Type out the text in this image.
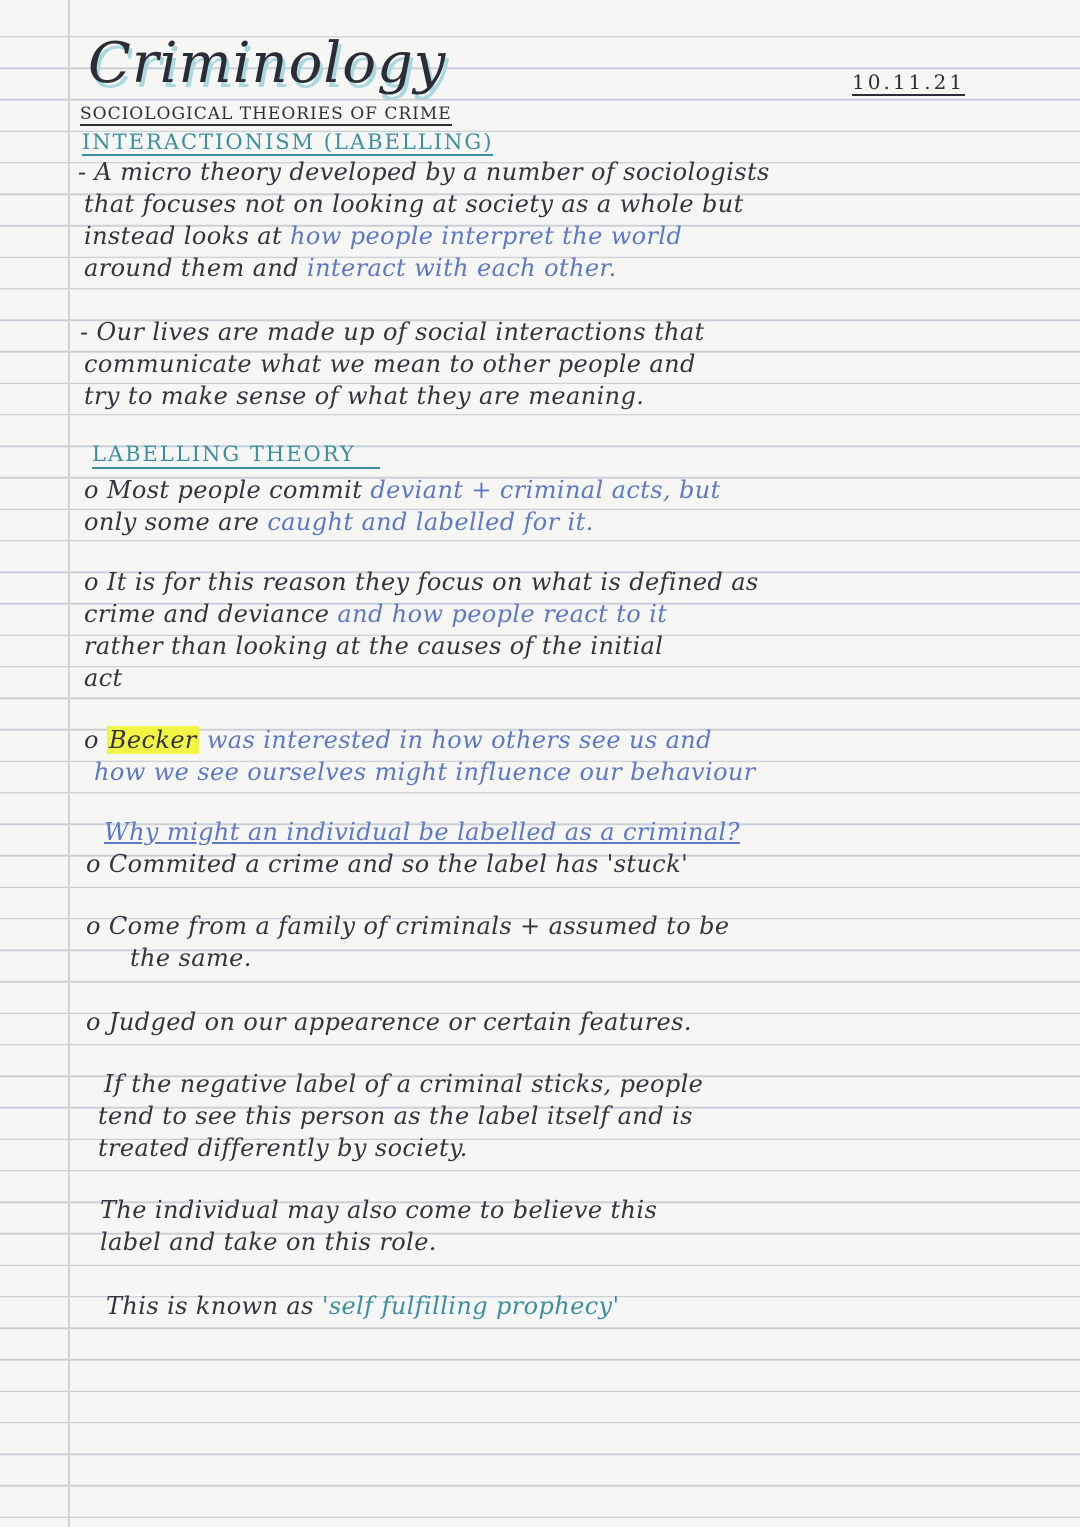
Criminology	10.11.21
SOCIOLOGICAL THEORIES OF CRIME
INTERACTIONISM (LABELLING)
- A micro theory developed by a number of sociologists
that focuses not on looking at society as a whole but
instead looks at how people interpret the world
around them and interact with each other.
- Our lives are made up of social interactions that
communicate what we mean to other people and
try to make sense of what they are meaning.
LABELLING THEORY
o Most people commit deviant + criminal acts, but
only some are caught and labelled for it.
o It is for this reason they focus on what is defined as
crime and deviance and how people react to it
rather than looking at the causes of the initial
act
o Becker was interested in how others see us and
how we see ourselves might influence our behaviour
Why might an individual be labelled as a criminal?
o Commited a crime and so the label has 'stuck'
o Come from a family of criminals + assumed to be
the same.
o Judged on our appearence or certain features.
If the negative label of a criminal sticks, people
tend to see this person as the label itself and is
treated differently by society.
The individual may also come to believe this
label and take on this role.
This is known as 'self fulfilling prophecy'
